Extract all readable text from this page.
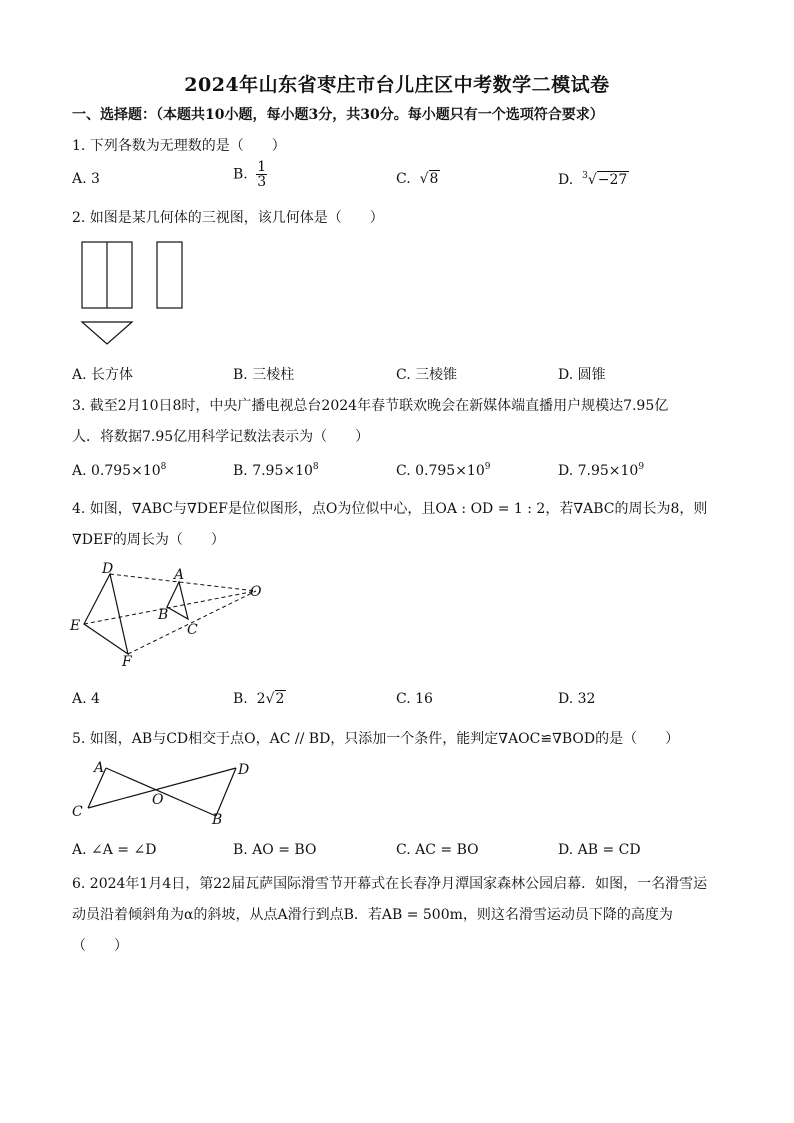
2024年山东省枣庄市台儿庄区中考数学二模试卷
一、选择题：（本题共10小题，每小题3分，共30分。每小题只有一个选项符合要求）
1. 下列各数为无理数的是（　　）
A. 3	B. $\frac{1}{3}$	C.  √8	D. $^3$√−27
2. 如图是某几何体的三视图，该几何体是（　　）
A. 长方体	B. 三棱柱	C. 三棱锥	D. 圆锥
3. 截至2月10日8时，中央广播电视总台2024年春节联欢晚会在新媒体端直播用户规模达7.95亿
人．将数据7.95亿用科学记数法表示为（　　）
A. $0.795\times 10^8$	B. $7.95\times 10^8$	C. $0.795\times 10^9$	D. $7.95\times 10^9$
4. 如图，∇ABC与∇DEF是位似图形，点O为位似中心，且OA : OD = 1 : 2，若∇ABC的周长为8，则
∇DEF的周长为（　　）
D	A
O
B
C
E
F
A. 4	B. 2√2	C. 16	D. 32
5. 如图，AB与CD相交于点O，AC // BD，只添加一个条件，能判定∇AOC≌∇BOD的是（　　）
A	D
O
C	B
A. ∠A = ∠D	B. AO = BO	C. AC = BO	D. AB = CD
6. 2024年1月4日，第22届瓦萨国际滑雪节开幕式在长春净月潭国家森林公园启幕．如图，一名滑雪运
动员沿着倾斜角为α的斜坡，从点A滑行到点B．若AB = 500m，则这名滑雪运动员下降的高度为
（　　）
